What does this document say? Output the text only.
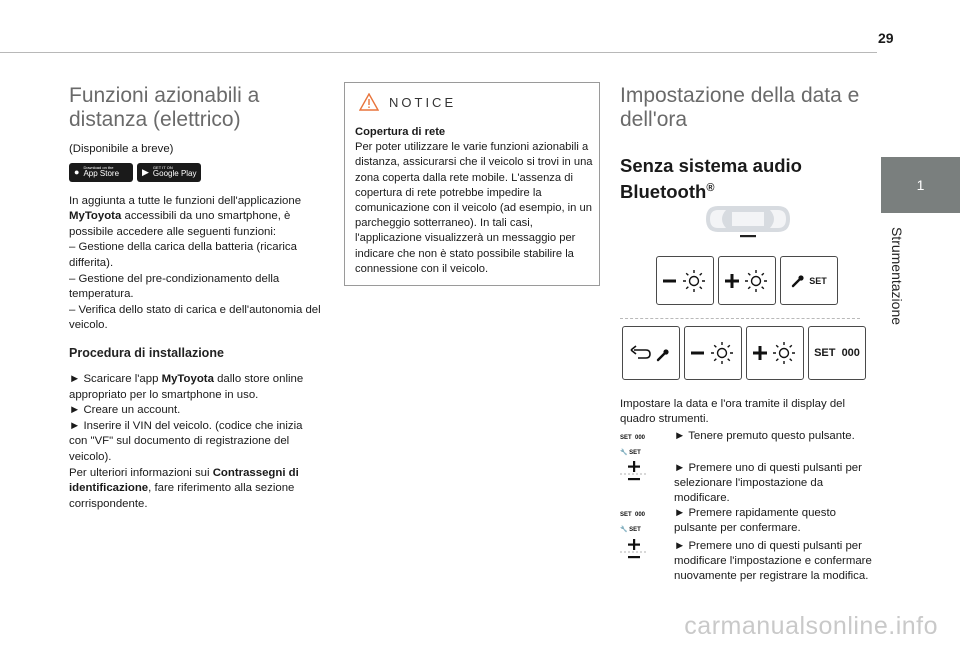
29
1
Strumentazione
Funzioni azionabili a distanza (elettrico)
(Disponibile a breve)
● Download on the
App Store	▶ GET IT ON
Google Play
In aggiunta a tutte le funzioni dell'applicazione MyToyota accessibili da uno smartphone, è possibile accedere alle seguenti funzioni:
– Gestione della carica della batteria (ricarica differita).
– Gestione del pre-condizionamento della temperatura.
– Verifica dello stato di carica e dell'autonomia del veicolo.
Procedura di installazione
► Scaricare l'app MyToyota dallo store online appropriato per lo smartphone in uso.
► Creare un account.
► Inserire il VIN del veicolo. (codice che inizia con "VF" sul documento di registrazione del veicolo).
Per ulteriori informazioni sui Contrassegni di identificazione, fare riferimento alla sezione corrispondente.
NOTICE
Copertura di rete
Per poter utilizzare le varie funzioni azionabili a distanza, assicurarsi che il veicolo si trovi in una zona coperta dalla rete mobile. L'assenza di copertura di rete potrebbe impedire la comunicazione con il veicolo (ad esempio, in un parcheggio sotterraneo). In tali casi, l'applicazione visualizzerà un messaggio per indicare che non è stato possibile stabilire la connessione con il veicolo.
Impostazione della data e dell'ora
Senza sistema audio Bluetooth®
SET
SET  000
Impostare la data e l'ora tramite il display del quadro strumenti.
SET  000
🔧 SET
► Tenere premuto questo pulsante.
► Premere uno di questi pulsanti per selezionare l'impostazione da modificare.
SET  000
🔧 SET
► Premere rapidamente questo pulsante per confermare.
► Premere uno di questi pulsanti per modificare l'impostazione e confermare nuovamente per registrare la modifica.
carmanualsonline.info
